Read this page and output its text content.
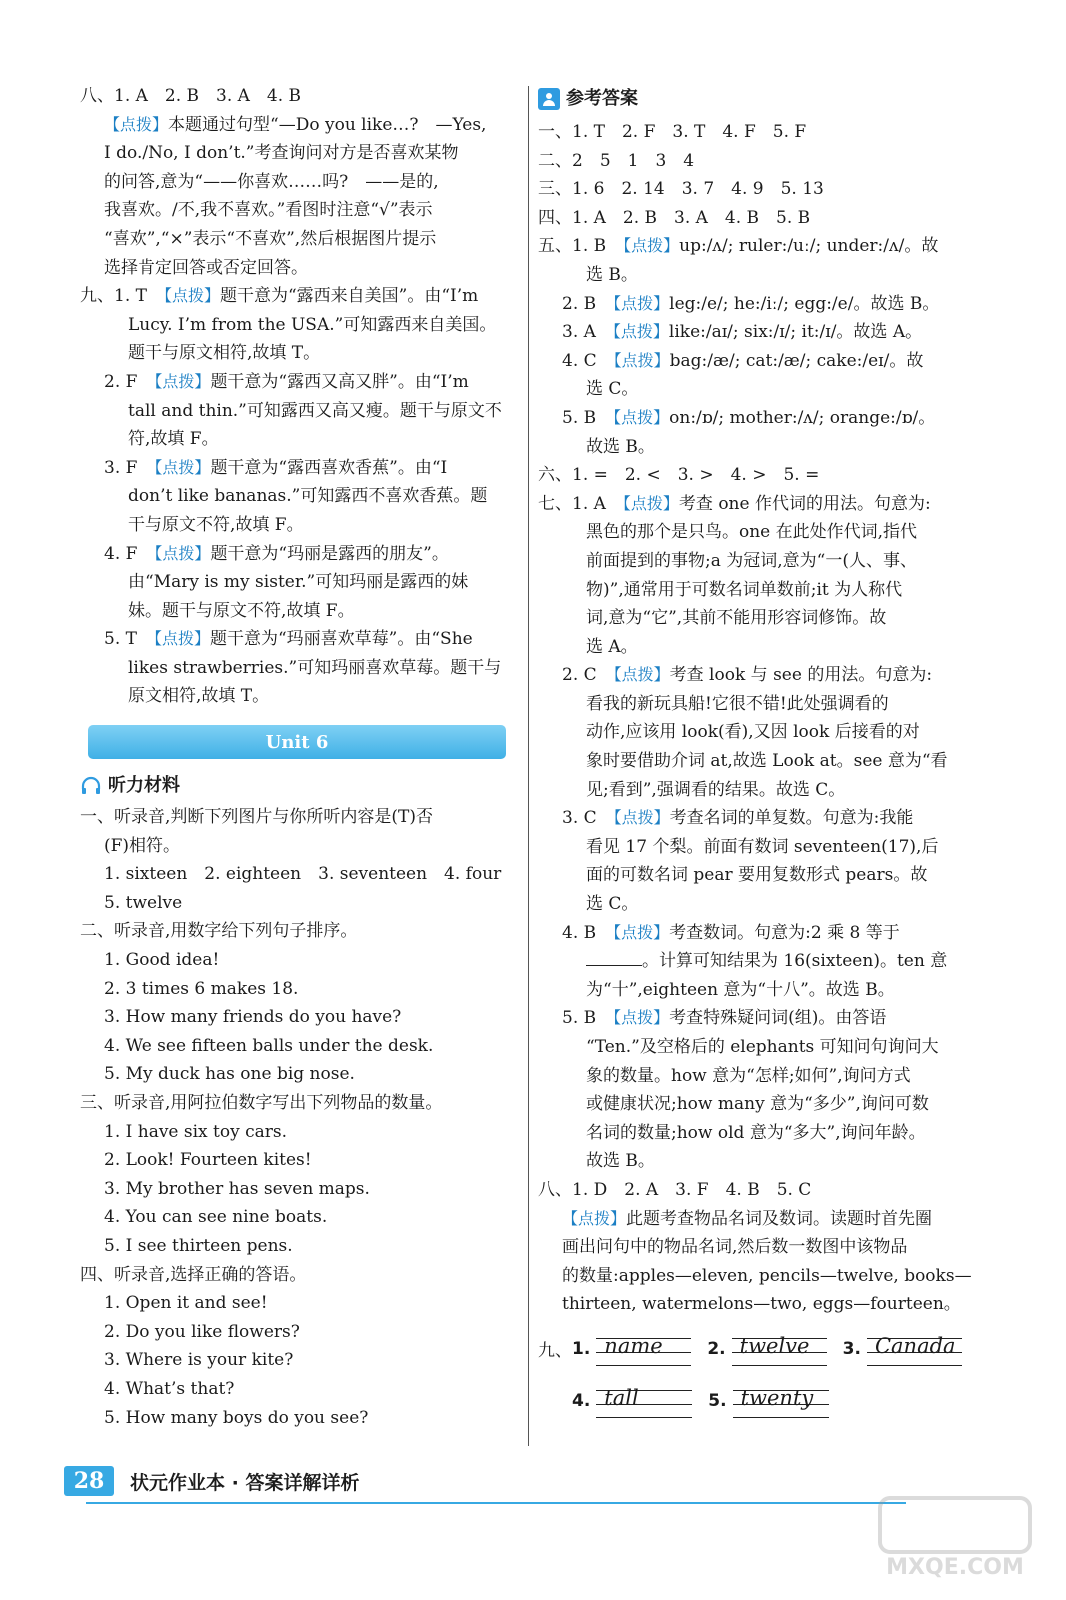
八、1. A　2. B　3. A　4. B
【点拨】本题通过句型“—Do you like…?　—Yes,
I do./No, I don’t.”考查询问对方是否喜欢某物
的问答,意为“——你喜欢……吗?　——是的,
我喜欢。/不,我不喜欢。”看图时注意“√”表示
“喜欢”,“×”表示“不喜欢”,然后根据图片提示
选择肯定回答或否定回答。
九、1. T　【点拨】题干意为“露西来自美国”。由“I’m
Lucy. I’m from the USA.”可知露西来自美国。
题干与原文相符,故填 T。
2. F　【点拨】题干意为“露西又高又胖”。由“I’m
tall and thin.”可知露西又高又瘦。题干与原文不
符,故填 F。
3. F　【点拨】题干意为“露西喜欢香蕉”。由“I
don’t like bananas.”可知露西不喜欢香蕉。题
干与原文不符,故填 F。
4. F　【点拨】题干意为“玛丽是露西的朋友”。
由“Mary is my sister.”可知玛丽是露西的妹
妹。题干与原文不符,故填 F。
5. T　【点拨】题干意为“玛丽喜欢草莓”。由“She
likes strawberries.”可知玛丽喜欢草莓。题干与
原文相符,故填 T。
Unit 6
听力材料
一、听录音,判断下列图片与你所听内容是(T)否
(F)相符。
1. sixteen　2. eighteen　3. seventeen　4. four
5. twelve
二、听录音,用数字给下列句子排序。
1. Good idea!
2. 3 times 6 makes 18.
3. How many friends do you have?
4. We see fifteen balls under the desk.
5. My duck has one big nose.
三、听录音,用阿拉伯数字写出下列物品的数量。
1. I have six toy cars.
2. Look! Fourteen kites!
3. My brother has seven maps.
4. You can see nine boats.
5. I see thirteen pens.
四、听录音,选择正确的答语。
1. Open it and see!
2. Do you like flowers?
3. Where is your kite?
4. What’s that?
5. How many boys do you see?
参考答案
一、1. T　2. F　3. T　4. F　5. F
二、2　5　1　3　4
三、1. 6　2. 14　3. 7　4. 9　5. 13
四、1. A　2. B　3. A　4. B　5. B
五、1. B　【点拨】up:/ʌ/; ruler:/uː/; under:/ʌ/。故
选 B。
2. B　【点拨】leg:/e/; he:/iː/; egg:/e/。故选 B。
3. A　【点拨】like:/aɪ/; six:/ɪ/; it:/ɪ/。故选 A。
4. C　【点拨】bag:/æ/; cat:/æ/; cake:/eɪ/。故
选 C。
5. B　【点拨】on:/ɒ/; mother:/ʌ/; orange:/ɒ/。
故选 B。
六、1. =　2. <　3. >　4. >　5. =
七、1. A　【点拨】考查 one 作代词的用法。句意为:
黑色的那个是只鸟。one 在此处作代词,指代
前面提到的事物;a 为冠词,意为“一(人、事、
物)”,通常用于可数名词单数前;it 为人称代
词,意为“它”,其前不能用形容词修饰。故
选 A。
2. C　【点拨】考查 look 与 see 的用法。句意为:
看我的新玩具船!它很不错!此处强调看的
动作,应该用 look(看),又因 look 后接看的对
象时要借助介词 at,故选 Look at。see 意为“看
见;看到”,强调看的结果。故选 C。
3. C　【点拨】考查名词的单复数。句意为:我能
看见 17 个梨。前面有数词 seventeen(17),后
面的可数名词 pear 要用复数形式 pears。故
选 C。
4. B　【点拨】考查数词。句意为:2 乘 8 等于
。计算可知结果为 16(sixteen)。ten 意
为“十”,eighteen 意为“十八”。故选 B。
5. B　【点拨】考查特殊疑问词(组)。由答语
“Ten.”及空格后的 elephants 可知问句询问大
象的数量。how 意为“怎样;如何”,询问方式
或健康状况;how many 意为“多少”,询问可数
名词的数量;how old 意为“多大”,询问年龄。
故选 B。
八、1. D　2. A　3. F　4. B　5. C
【点拨】此题考查物品名词及数词。读题时首先圈
画出问句中的物品名词,然后数一数图中该物品
的数量:apples—eleven, pencils—twelve, books—
thirteen, watermelons—two, eggs—fourteen。
九、 1. name	2. twelve 3. Canada
4. tall	5. twenty
28	状元作业本 · 答案详解详析
MXQE.COM
